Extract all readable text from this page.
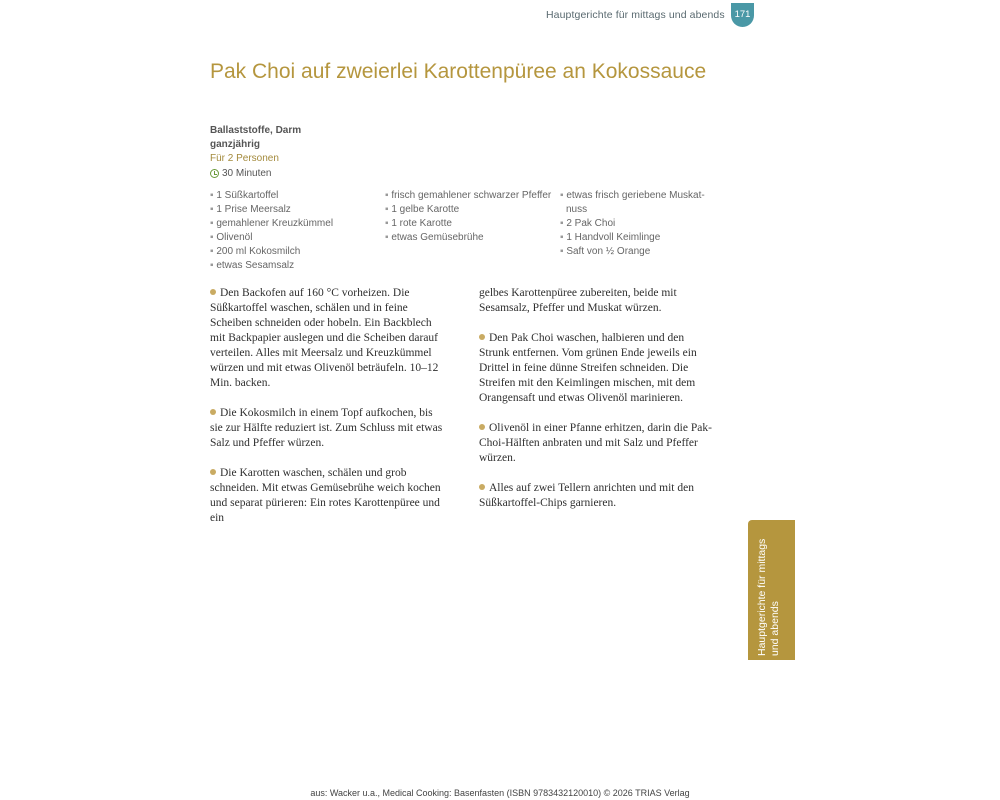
Hauptgerichte für mittags und abends	171
Pak Choi auf zweierlei Karottenpüree an Kokossauce
Ballaststoffe, Darm
ganzjährig
Für 2 Personen
30 Minuten
▪ 1 Süßkartoffel
▪ 1 Prise Meersalz
▪ gemahlener Kreuzkümmel
▪ Olivenöl
▪ 200 ml Kokosmilch
▪ etwas Sesamsalz
▪ frisch gemahlener schwarzer Pfeffer
▪ 1 gelbe Karotte
▪ 1 rote Karotte
▪ etwas Gemüsebrühe
▪ etwas frisch geriebene Muskat-nuss
▪ 2 Pak Choi
▪ 1 Handvoll Keimlinge
▪ Saft von ½ Orange

Den Backofen auf 160 °C vorheizen. Die Süßkartoffel waschen, schälen und in feine Scheiben schneiden oder hobeln. Ein Backblech mit Backpapier auslegen und die Scheiben darauf verteilen. Alles mit Meersalz und Kreuzkümmel würzen und mit etwas Olivenöl beträufeln. 10–12 Min. backen.

Die Kokosmilch in einem Topf aufkochen, bis sie zur Hälfte reduziert ist. Zum Schluss mit etwas Salz und Pfeffer würzen.

Die Karotten waschen, schälen und grob schneiden. Mit etwas Gemüsebrühe weich kochen und separat pürieren: Ein rotes Karottenpüree und ein

gelbes Karottenpüree zubereiten, beide mit Sesamsalz, Pfeffer und Muskat würzen.

Den Pak Choi waschen, halbieren und den Strunk entfernen. Vom grünen Ende jeweils ein Drittel in feine dünne Streifen schneiden. Die Streifen mit den Keimlingen mischen, mit dem Orangensaft und etwas Olivenöl marinieren.

Olivenöl in einer Pfanne erhitzen, darin die Pak-Choi-Hälften anbraten und mit Salz und Pfeffer würzen.

Alles auf zwei Tellern anrichten und mit den Süßkartoffel-Chips garnieren.

Hauptgerichte für mittags und abends
aus: Wacker u.a., Medical Cooking: Basenfasten (ISBN 9783432120010) © 2026 TRIAS Verlag
